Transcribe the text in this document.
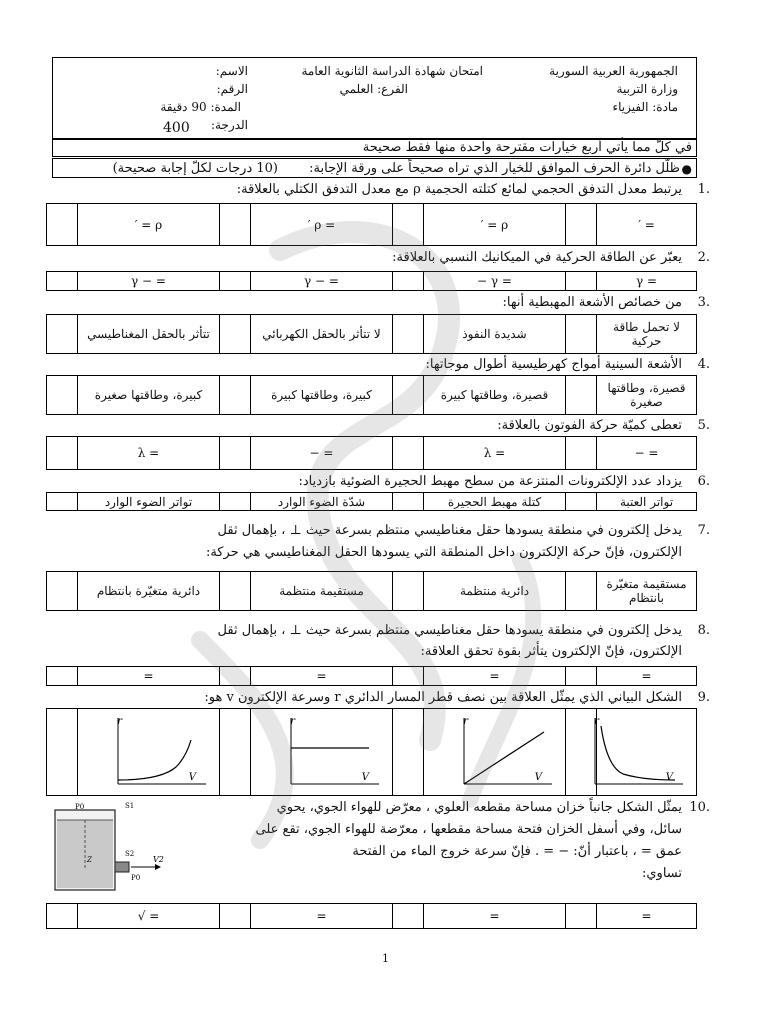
الجمهورية العربية السورية
وزارة التربية
مادة: الفيزياء
امتحان شهادة الدراسة الثانوية العامة
الفرع: العلمي
الاسم:
الرقم:
المدة: 90 دقيقة
الدرجة:
400
في كلّ مما يأتي أربع خيارات مقترحة واحدة منها فقط صحيحة
●
ظلّل دائرة الحرف الموافق للخيار الذي تراه صحيحاً على ورقة الإجابة:
(10 درجات لكلّ إجابة صحيحة)
.1
يرتبط معدل التدفق الحجمي لمائع كتلته الحجمية ρ مع معدل التدفق الكتلي بالعلاقة:
	ρ = ′		= ρ ′		ρ = ′		= ′
.2
يعبّر عن الطاقة الحركية في الميكانيك النسبي بالعلاقة:
	= − γ		= − γ		= γ −		= γ
.3
من خصائص الأشعة المهبطية أنها:
	تتأثر بالحقل المغناطيسي		لا تتأثر بالحقل الكهربائي		شديدة النفوذ		لا تحمل طاقة حركية
.4
الأشعة السينية أمواج كهرطيسية أطوال موجاتها:
	كبيرة، وطاقتها صغيرة		كبيرة، وطاقتها كبيرة		قصيرة، وطاقتها كبيرة		قصيرة، وطاقتها صغيرة
.5
تعطى كميّة حركة الفوتون بالعلاقة:
	= λ		= −		= λ		= −
.6
يزداد عدد الإلكترونات المنتزعة من سطح مهبط الحجيرة الضوئية بازدياد:
	تواتر الضوء الوارد		شدّة الضوء الوارد		كتلة مهبط الحجيرة		تواتر العتبة
.7
يدخل إلكترون في منطقة يسودها حقل مغناطيسي منتظم بسرعة حيث ⊥ ، بإهمال ثقل
الإلكترون، فإنّ حركة الإلكترون داخل المنطقة التي يسودها الحقل المغناطيسي هي حركة:
	دائرية متغيّرة بانتظام		مستقيمة منتظمة		دائرية منتظمة		مستقيمة متغيّرة بانتظام
.8
يدخل إلكترون في منطقة يسودها حقل مغناطيسي منتظم بسرعة حيث ⊥ ، بإهمال ثقل
الإلكترون، فإنّ الإلكترون يتأثر بقوة تحقق العلاقة:
	=		=		=		=
.9
الشكل البياني الذي يمثّل العلاقة بين نصف قطر المسار الدائري r وسرعة الإلكترون v هو:

r
V

r
V

r
V

r
V
.10
يمثّل الشكل جانباً خزان مساحة مقطعه العلوي ، معرّض للهواء الجوي، يحوي
سائل، وفي أسفل الخزان فتحة مساحة مقطعها ، معرّضة للهواء الجوي، تقع على
عمق = ، باعتبار أنّ: − = . فإنّ سرعة خروج الماء من الفتحة
تساوي:
P0	S1
S2
V2
P0
Z
	= √		=		=		=
1
